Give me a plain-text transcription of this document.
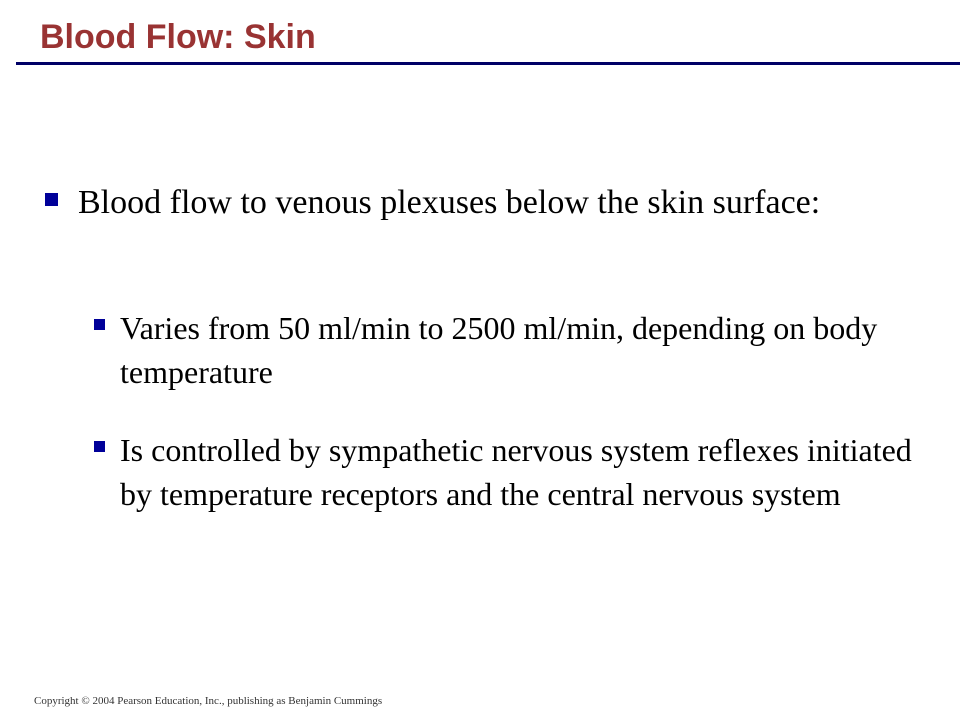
Blood Flow: Skin
Blood flow to venous plexuses below the skin surface:
Varies from 50 ml/min to 2500 ml/min, depending on body temperature
Is controlled by sympathetic nervous system reflexes initiated by temperature receptors and the central nervous system
Copyright © 2004 Pearson Education, Inc., publishing as Benjamin Cummings
